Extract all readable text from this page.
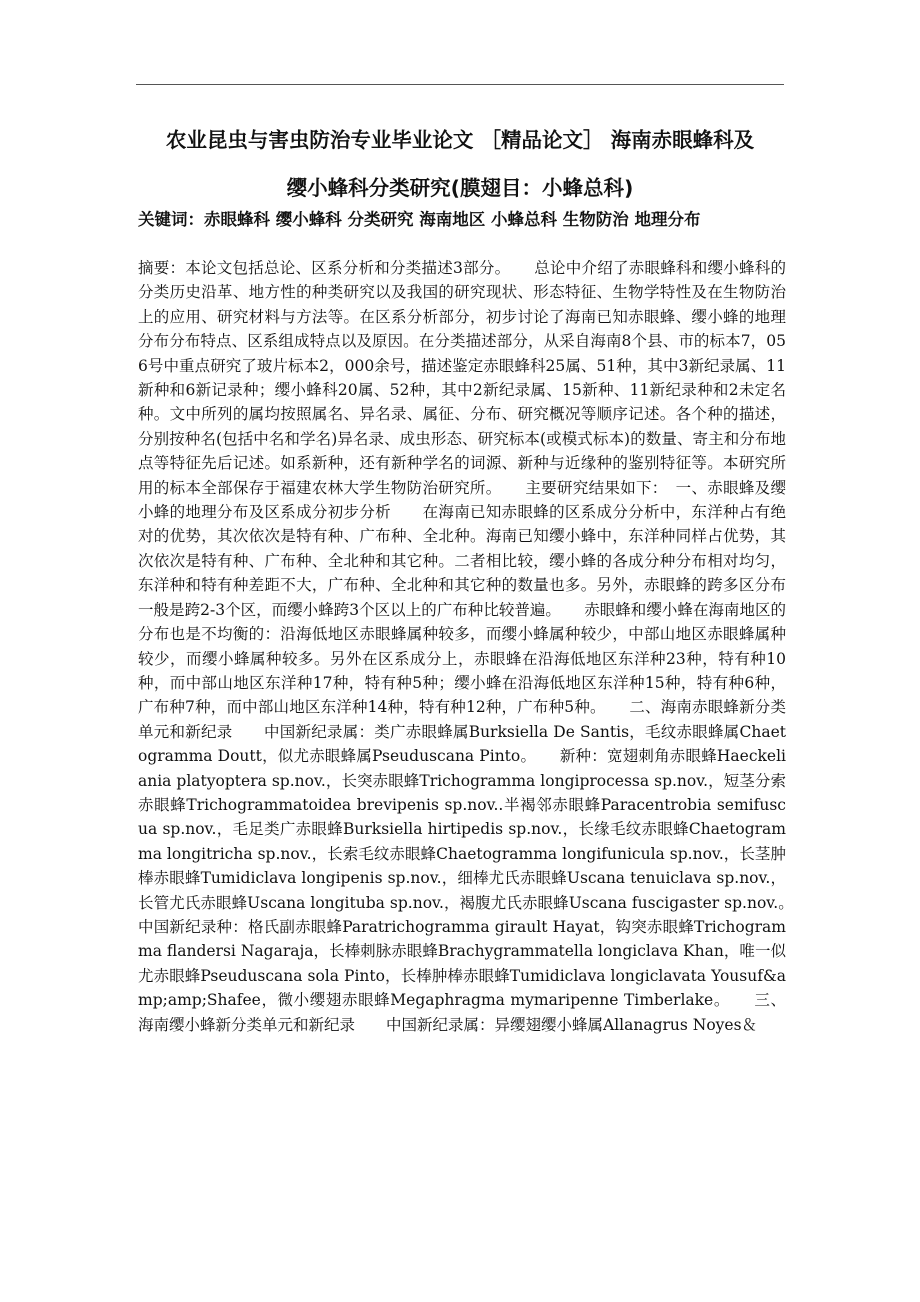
农业昆虫与害虫防治专业毕业论文 ［精品论文］ 海南赤眼蜂科及
缨小蜂科分类研究(膜翅目：小蜂总科)
关键词：赤眼蜂科 缨小蜂科 分类研究 海南地区 小蜂总科 生物防治 地理分布
摘要：本论文包括总论、区系分析和分类描述3部分。　　总论中介绍了赤眼蜂科和缨小蜂科的分类历史沿革、地方性的种类研究以及我国的研究现状、形态特征、生物学特性及在生物防治上的应用、研究材料与方法等。在区系分析部分，初步讨论了海南已知赤眼蜂、缨小蜂的地理分布分布特点、区系组成特点以及原因。在分类描述部分，从采自海南8个县、市的标本7，056号中重点研究了玻片标本2，000余号，描述鉴定赤眼蜂科25属、51种，其中3新纪录属、11新种和6新记录种；缨小蜂科20属、52种，其中2新纪录属、15新种、11新纪录种和2未定名种。文中所列的属均按照属名、异名录、属征、分布、研究概况等顺序记述。各个种的描述，分别按种名(包括中名和学名)异名录、成虫形态、研究标本(或模式标本)的数量、寄主和分布地点等特征先后记述。如系新种，还有新种学名的词源、新种与近缘种的鉴别特征等。本研究所用的标本全部保存于福建农林大学生物防治研究所。　　主要研究结果如下：　一、赤眼蜂及缨小蜂的地理分布及区系成分初步分析　　在海南已知赤眼蜂的区系成分分析中，东洋种占有绝对的优势，其次依次是特有种、广布种、全北种。海南已知缨小蜂中，东洋种同样占优势，其次依次是特有种、广布种、全北种和其它种。二者相比较，缨小蜂的各成分种分布相对均匀，东洋种和特有种差距不大，广布种、全北种和其它种的数量也多。另外，赤眼蜂的跨多区分布一般是跨2-3个区，而缨小蜂跨3个区以上的广布种比较普遍。　　赤眼蜂和缨小蜂在海南地区的分布也是不均衡的：沿海低地区赤眼蜂属种较多，而缨小蜂属种较少，中部山地区赤眼蜂属种较少，而缨小蜂属种较多。另外在区系成分上，赤眼蜂在沿海低地区东洋种23种，特有种10种，而中部山地区东洋种17种，特有种5种；缨小蜂在沿海低地区东洋种15种，特有种6种，广布种7种，而中部山地区东洋种14种，特有种12种，广布种5种。　　二、海南赤眼蜂新分类单元和新纪录　　中国新纪录属：类广赤眼蜂属Burksiella De Santis，毛纹赤眼蜂属Chaetogramma Doutt，似尤赤眼蜂属Pseuduscana Pinto。　　新种：宽翅刺角赤眼蜂Haeckeliania platyoptera sp.nov.，长突赤眼蜂Trichogramma longiprocessa sp.nov.，短茎分索赤眼蜂Trichogrammatoidea brevipenis sp.nov..半褐邻赤眼蜂Paracentrobia semifuscua sp.nov.，毛足类广赤眼蜂Burksiella hirtipedis sp.nov.，长缘毛纹赤眼蜂Chaetogramma longitricha sp.nov.，长索毛纹赤眼蜂Chaetogramma longifunicula sp.nov.，长茎肿棒赤眼蜂Tumidiclava longipenis sp.nov.，细棒尤氏赤眼蜂Uscana tenuiclava sp.nov.，长管尤氏赤眼蜂Uscana longituba sp.nov.，褐腹尤氏赤眼蜂Uscana fuscigaster sp.nov.。　　中国新纪录种：格氏副赤眼蜂Paratrichogramma girault Hayat，钩突赤眼蜂Trichogramma flandersi Nagaraja，长棒刺脉赤眼蜂Brachygrammatella longiclava Khan，唯一似尤赤眼蜂Pseuduscana sola Pinto，长棒肿棒赤眼蜂Tumidiclava longiclavata Yousuf&amp;amp;Shafee，微小缨翅赤眼蜂Megaphragma mymaripenne Timberlake。　　三、海南缨小蜂新分类单元和新纪录　　中国新纪录属：异缨翅缨小蜂属Allanagrus Noyes＆
